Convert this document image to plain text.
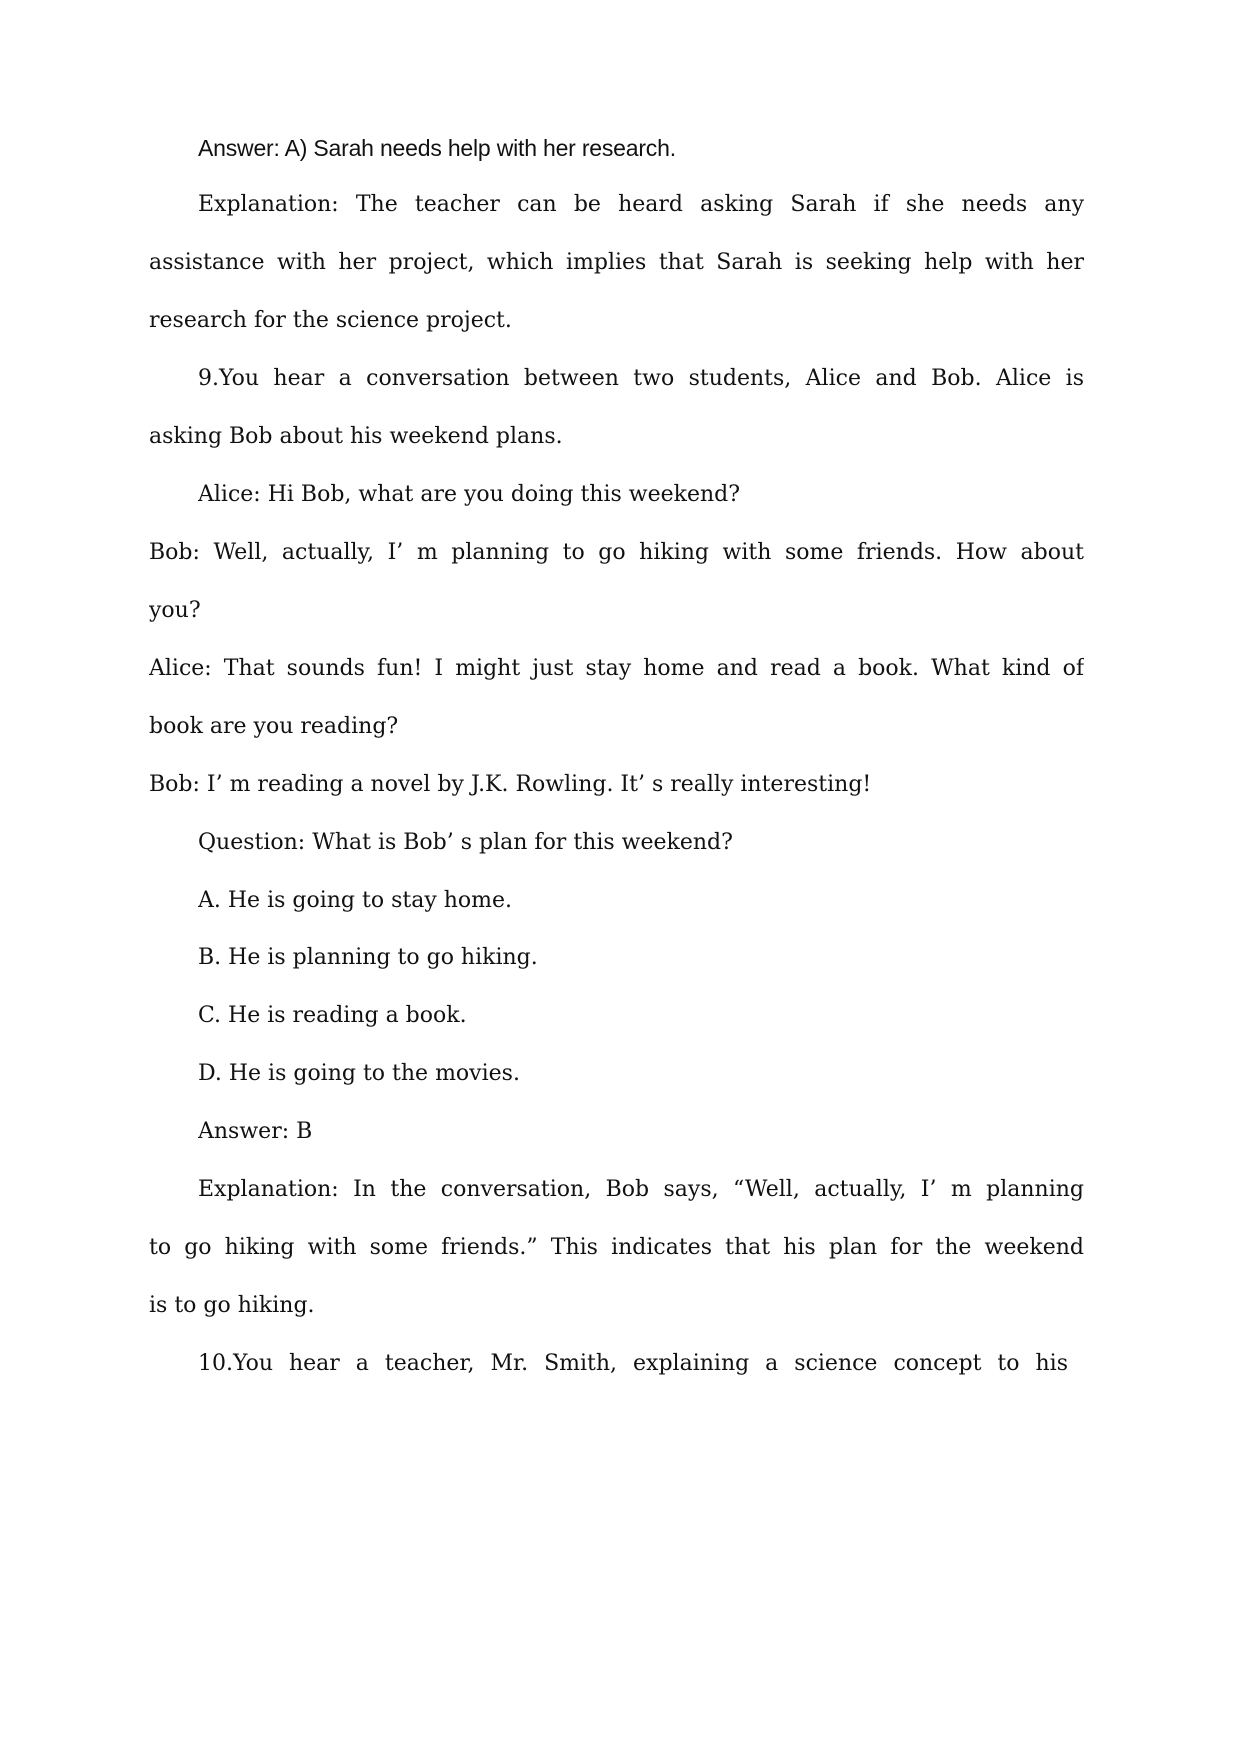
Answer: A) Sarah needs help with her research.
Explanation: The teacher can be heard asking Sarah if she needs any
assistance with her project, which implies that Sarah is seeking help with her
research for the science project.
9.You hear a conversation between two students, Alice and Bob. Alice is
asking Bob about his weekend plans.
Alice: Hi Bob, what are you doing this weekend?
Bob: Well, actually, I’ m planning to go hiking with some friends. How about
you?
Alice: That sounds fun! I might just stay home and read a book. What kind of
book are you reading?
Bob: I’ m reading a novel by J.K. Rowling. It’ s really interesting!
Question: What is Bob’ s plan for this weekend?
A. He is going to stay home.
B. He is planning to go hiking.
C. He is reading a book.
D. He is going to the movies.
Answer: B
Explanation: In the conversation, Bob says, “Well, actually, I’ m planning
to go hiking with some friends.” This indicates that his plan for the weekend
is to go hiking.
10.You hear a teacher, Mr. Smith, explaining a science concept to his
